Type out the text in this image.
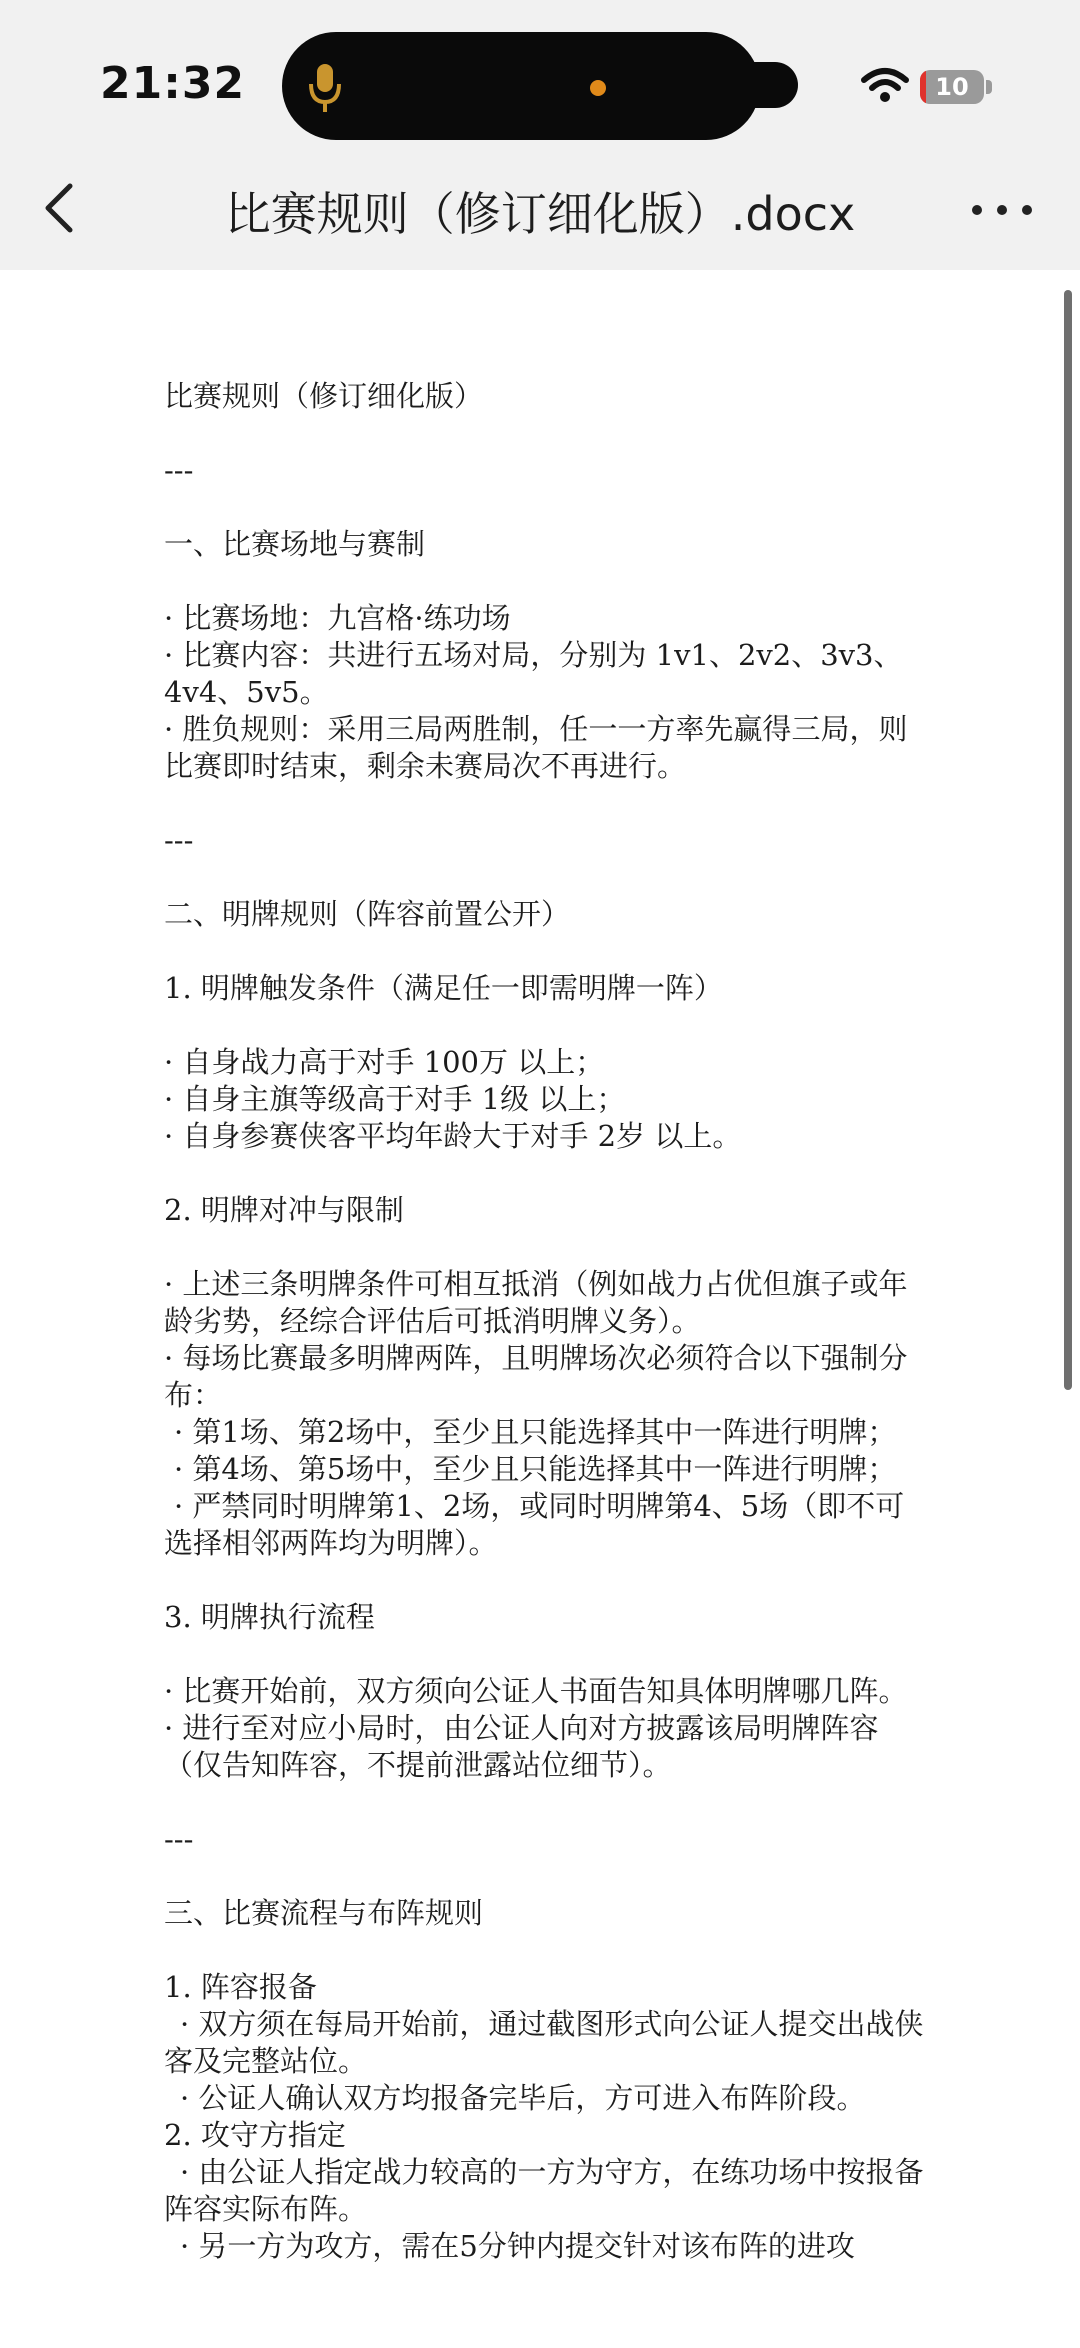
21:32	10
比赛规则（修订细化版）.docx

比赛规则（修订细化版）

---

一、比赛场地与赛制

· 比赛场地：九宫格·练功场
· 比赛内容：共进行五场对局，分别为 1v1、2v2、3v3、4v4、5v5。
· 胜负规则：采用三局两胜制，任一一方率先赢得三局，则比赛即时结束，剩余未赛局次不再进行。

---

二、明牌规则（阵容前置公开）

1. 明牌触发条件（满足任一即需明牌一阵）

· 自身战力高于对手 100万 以上；
· 自身主旗等级高于对手 1级 以上；
· 自身参赛侠客平均年龄大于对手 2岁 以上。

2. 明牌对冲与限制

· 上述三条明牌条件可相互抵消（例如战力占优但旗子或年龄劣势，经综合评估后可抵消明牌义务）。
· 每场比赛最多明牌两阵，且明牌场次必须符合以下强制分布：
· 第1场、第2场中，至少且只能选择其中一阵进行明牌；
· 第4场、第5场中，至少且只能选择其中一阵进行明牌；
· 严禁同时明牌第1、2场，或同时明牌第4、5场（即不可选择相邻两阵均为明牌）。

3. 明牌执行流程

· 比赛开始前，双方须向公证人书面告知具体明牌哪几阵。
· 进行至对应小局时，由公证人向对方披露该局明牌阵容（仅告知阵容，不提前泄露站位细节）。

---

三、比赛流程与布阵规则

1. 阵容报备
· 双方须在每局开始前，通过截图形式向公证人提交出战侠客及完整站位。
· 公证人确认双方均报备完毕后，方可进入布阵阶段。
2. 攻守方指定
· 由公证人指定战力较高的一方为守方，在练功场中按报备阵容实际布阵。
· 另一方为攻方，需在5分钟内提交针对该布阵的进攻
